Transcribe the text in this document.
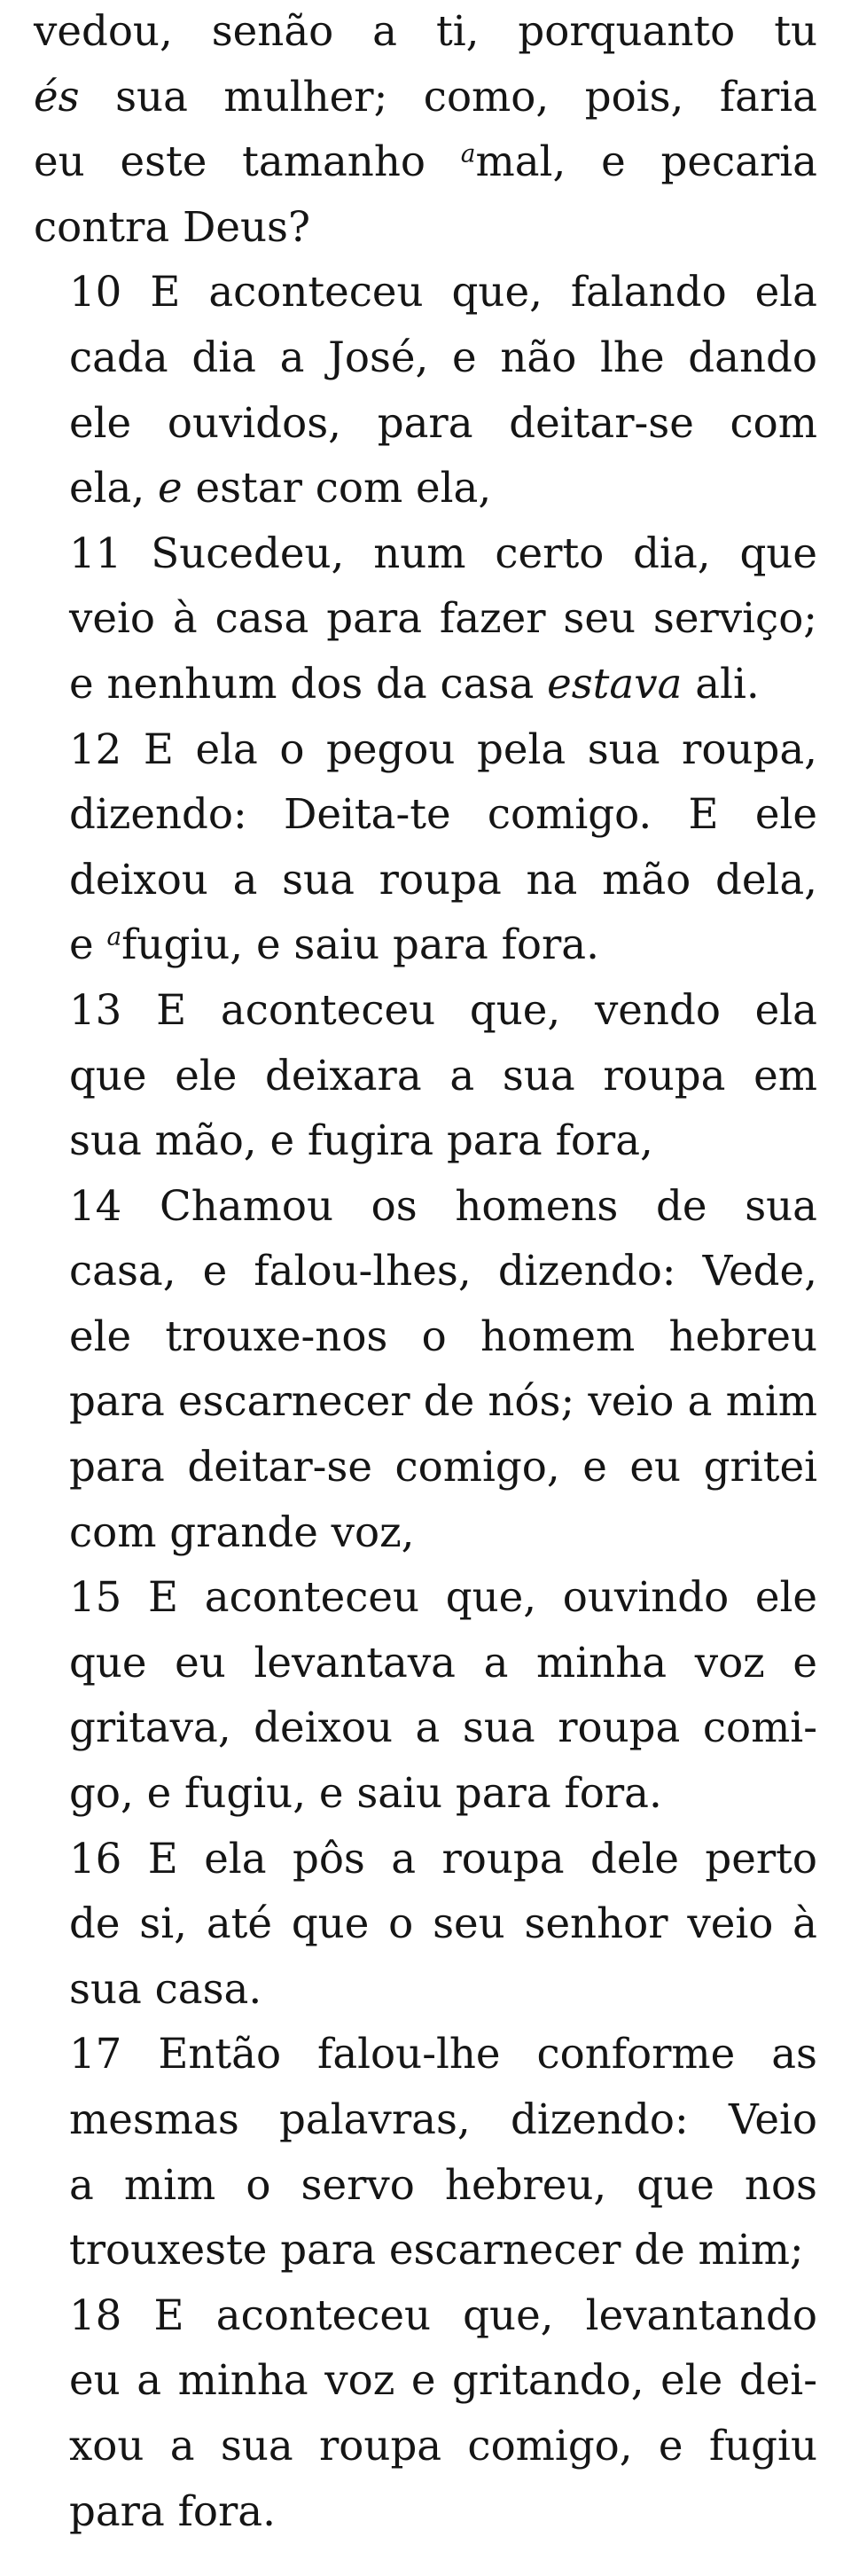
vedou, senão a ti, porquanto tu
és sua mulher; como, pois, faria
eu este tamanho $^a$mal, e pecaria
contra Deus?

10 E aconteceu que, falando ela
cada dia a José, e não lhe dando
ele ouvidos, para deitar-se com
ela, e estar com ela,

11 Sucedeu, num certo dia, que
veio à casa para fazer seu serviço;
e nenhum dos da casa estava ali.

12 E ela o pegou pela sua roupa,
dizendo: Deita-te comigo. E ele
deixou a sua roupa na mão dela,
e $^a$fugiu, e saiu para fora.

13 E aconteceu que, vendo ela
que ele deixara a sua roupa em
sua mão, e fugira para fora,

14 Chamou os homens de sua
casa, e falou-lhes, dizendo: Vede,
ele trouxe-nos o homem hebreu
para escarnecer de nós; veio a mim
para deitar-se comigo, e eu gritei
com grande voz,

15 E aconteceu que, ouvindo ele
que eu levantava a minha voz e
gritava, deixou a sua roupa comi-
go, e fugiu, e saiu para fora.

16 E ela pôs a roupa dele perto
de si, até que o seu senhor veio à
sua casa.

17 Então falou-lhe conforme as
mesmas palavras, dizendo: Veio
a mim o servo hebreu, que nos
trouxeste para escarnecer de mim;

18 E aconteceu que, levantando
eu a minha voz e gritando, ele dei-
xou a sua roupa comigo, e fugiu
para fora.
